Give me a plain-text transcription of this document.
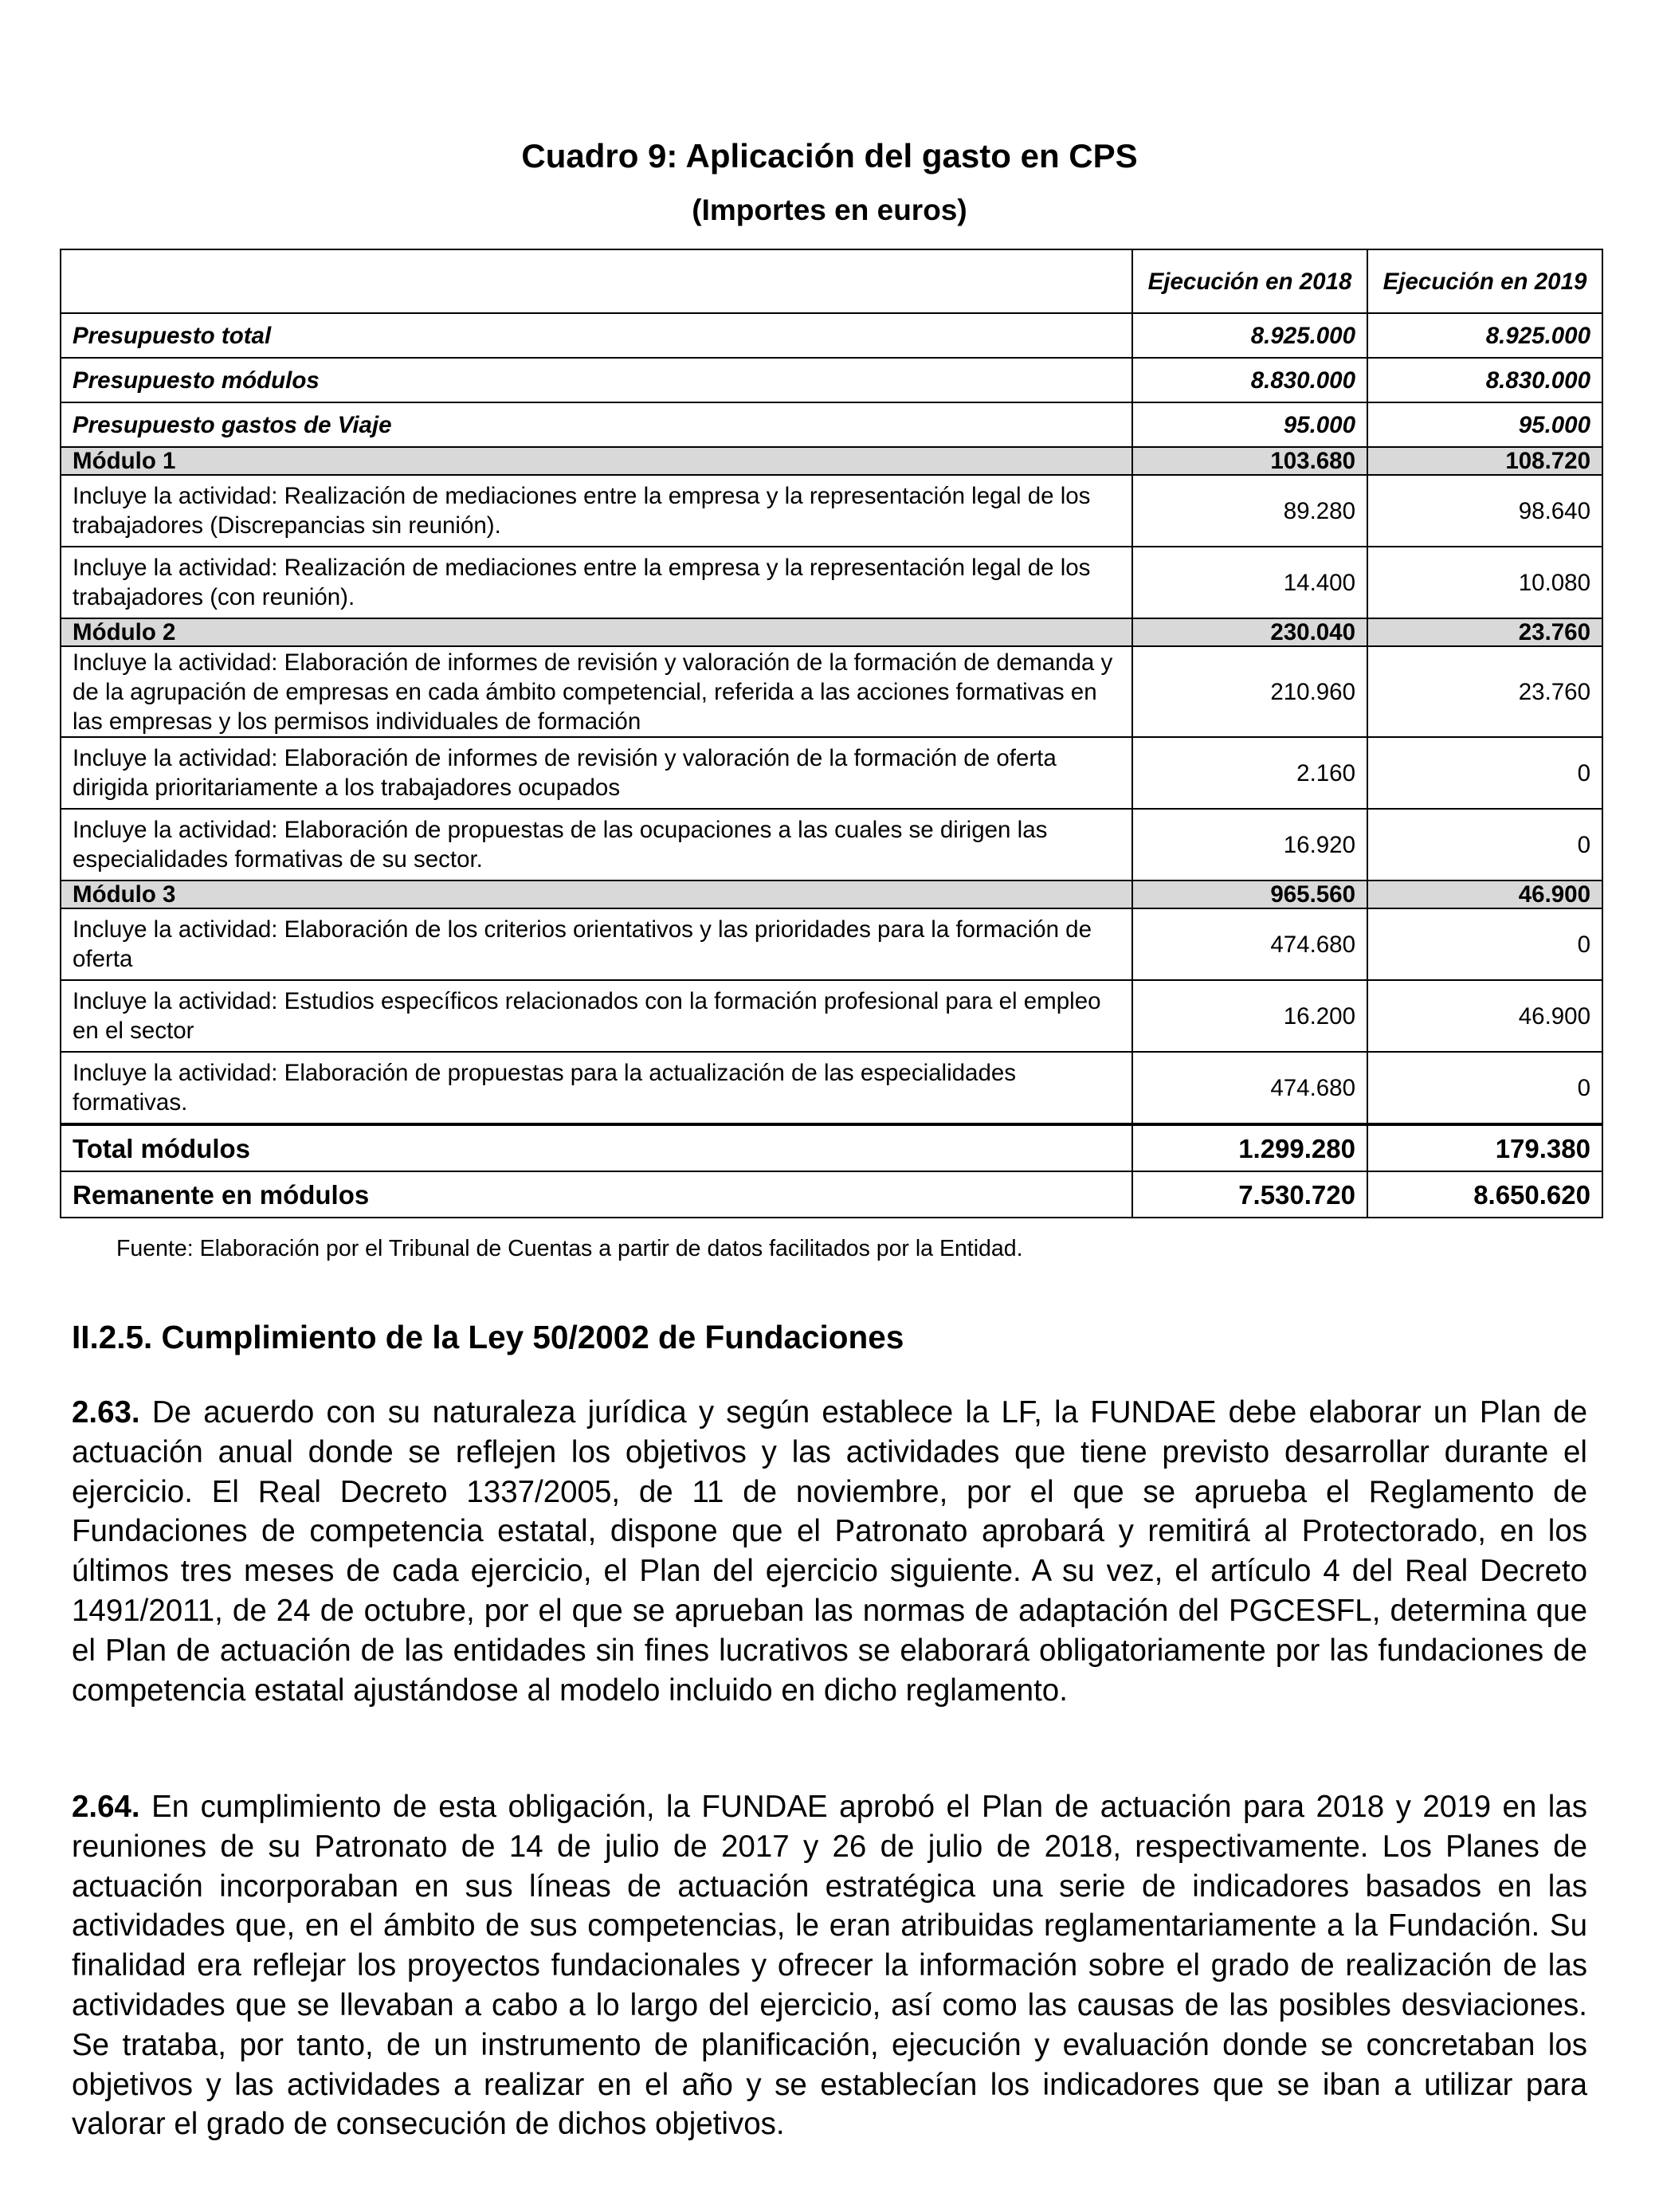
Cuadro 9: Aplicación del gasto en CPS
(Importes en euros)
	Ejecución en 2018	Ejecución en 2019
Presupuesto total	8.925.000	8.925.000
Presupuesto módulos	8.830.000	8.830.000
Presupuesto gastos de Viaje	95.000	95.000
Módulo 1	103.680	108.720
Incluye la actividad: Realización de mediaciones entre la empresa y la representación legal de los trabajadores (Discrepancias sin reunión).	89.280	98.640
Incluye la actividad: Realización de mediaciones entre la empresa y la representación legal de los trabajadores (con reunión).	14.400	10.080
Módulo 2	230.040	23.760
Incluye la actividad: Elaboración de informes de revisión y valoración de la formación de demanda y de la agrupación de empresas en cada ámbito competencial, referida a las acciones formativas en las empresas y los permisos individuales de formación	210.960	23.760
Incluye la actividad: Elaboración de informes de revisión y valoración de la formación de oferta dirigida prioritariamente a los trabajadores ocupados	2.160	0
Incluye la actividad: Elaboración de propuestas de las ocupaciones a las cuales se dirigen las especialidades formativas de su sector.	16.920	0
Módulo 3	965.560	46.900
Incluye la actividad: Elaboración de los criterios orientativos y las prioridades para la formación de oferta	474.680	0
Incluye la actividad: Estudios específicos relacionados con la formación profesional para el empleo en el sector	16.200	46.900
Incluye la actividad: Elaboración de propuestas para la actualización de las especialidades formativas.	474.680	0
Total módulos	1.299.280	179.380
Remanente en módulos	7.530.720	8.650.620
Fuente: Elaboración por el Tribunal de Cuentas a partir de datos facilitados por la Entidad.
II.2.5. Cumplimiento de la Ley 50/2002 de Fundaciones
2.63. De acuerdo con su naturaleza jurídica y según establece la LF, la FUNDAE debe elaborar un Plan de actuación anual donde se reflejen los objetivos y las actividades que tiene previsto desarrollar durante el ejercicio. El Real Decreto 1337/2005, de 11 de noviembre, por el que se aprueba el Reglamento de Fundaciones de competencia estatal, dispone que el Patronato aprobará y remitirá al Protectorado, en los últimos tres meses de cada ejercicio, el Plan del ejercicio siguiente. A su vez, el artículo 4 del Real Decreto 1491/2011, de 24 de octubre, por el que se aprueban las normas de adaptación del PGCESFL, determina que el Plan de actuación de las entidades sin fines lucrativos se elaborará obligatoriamente por las fundaciones de competencia estatal ajustándose al modelo incluido en dicho reglamento.
2.64. En cumplimiento de esta obligación, la FUNDAE aprobó el Plan de actuación para 2018 y 2019 en las reuniones de su Patronato de 14 de julio de 2017 y 26 de julio de 2018, respectivamente. Los Planes de actuación incorporaban en sus líneas de actuación estratégica una serie de indicadores basados en las actividades que, en el ámbito de sus competencias, le eran atribuidas reglamentariamente a la Fundación. Su finalidad era reflejar los proyectos fundacionales y ofrecer la información sobre el grado de realización de las actividades que se llevaban a cabo a lo largo del ejercicio, así como las causas de las posibles desviaciones. Se trataba, por tanto, de un instrumento de planificación, ejecución y evaluación donde se concretaban los objetivos y las actividades a realizar en el año y se establecían los indicadores que se iban a utilizar para valorar el grado de consecución de dichos objetivos.
